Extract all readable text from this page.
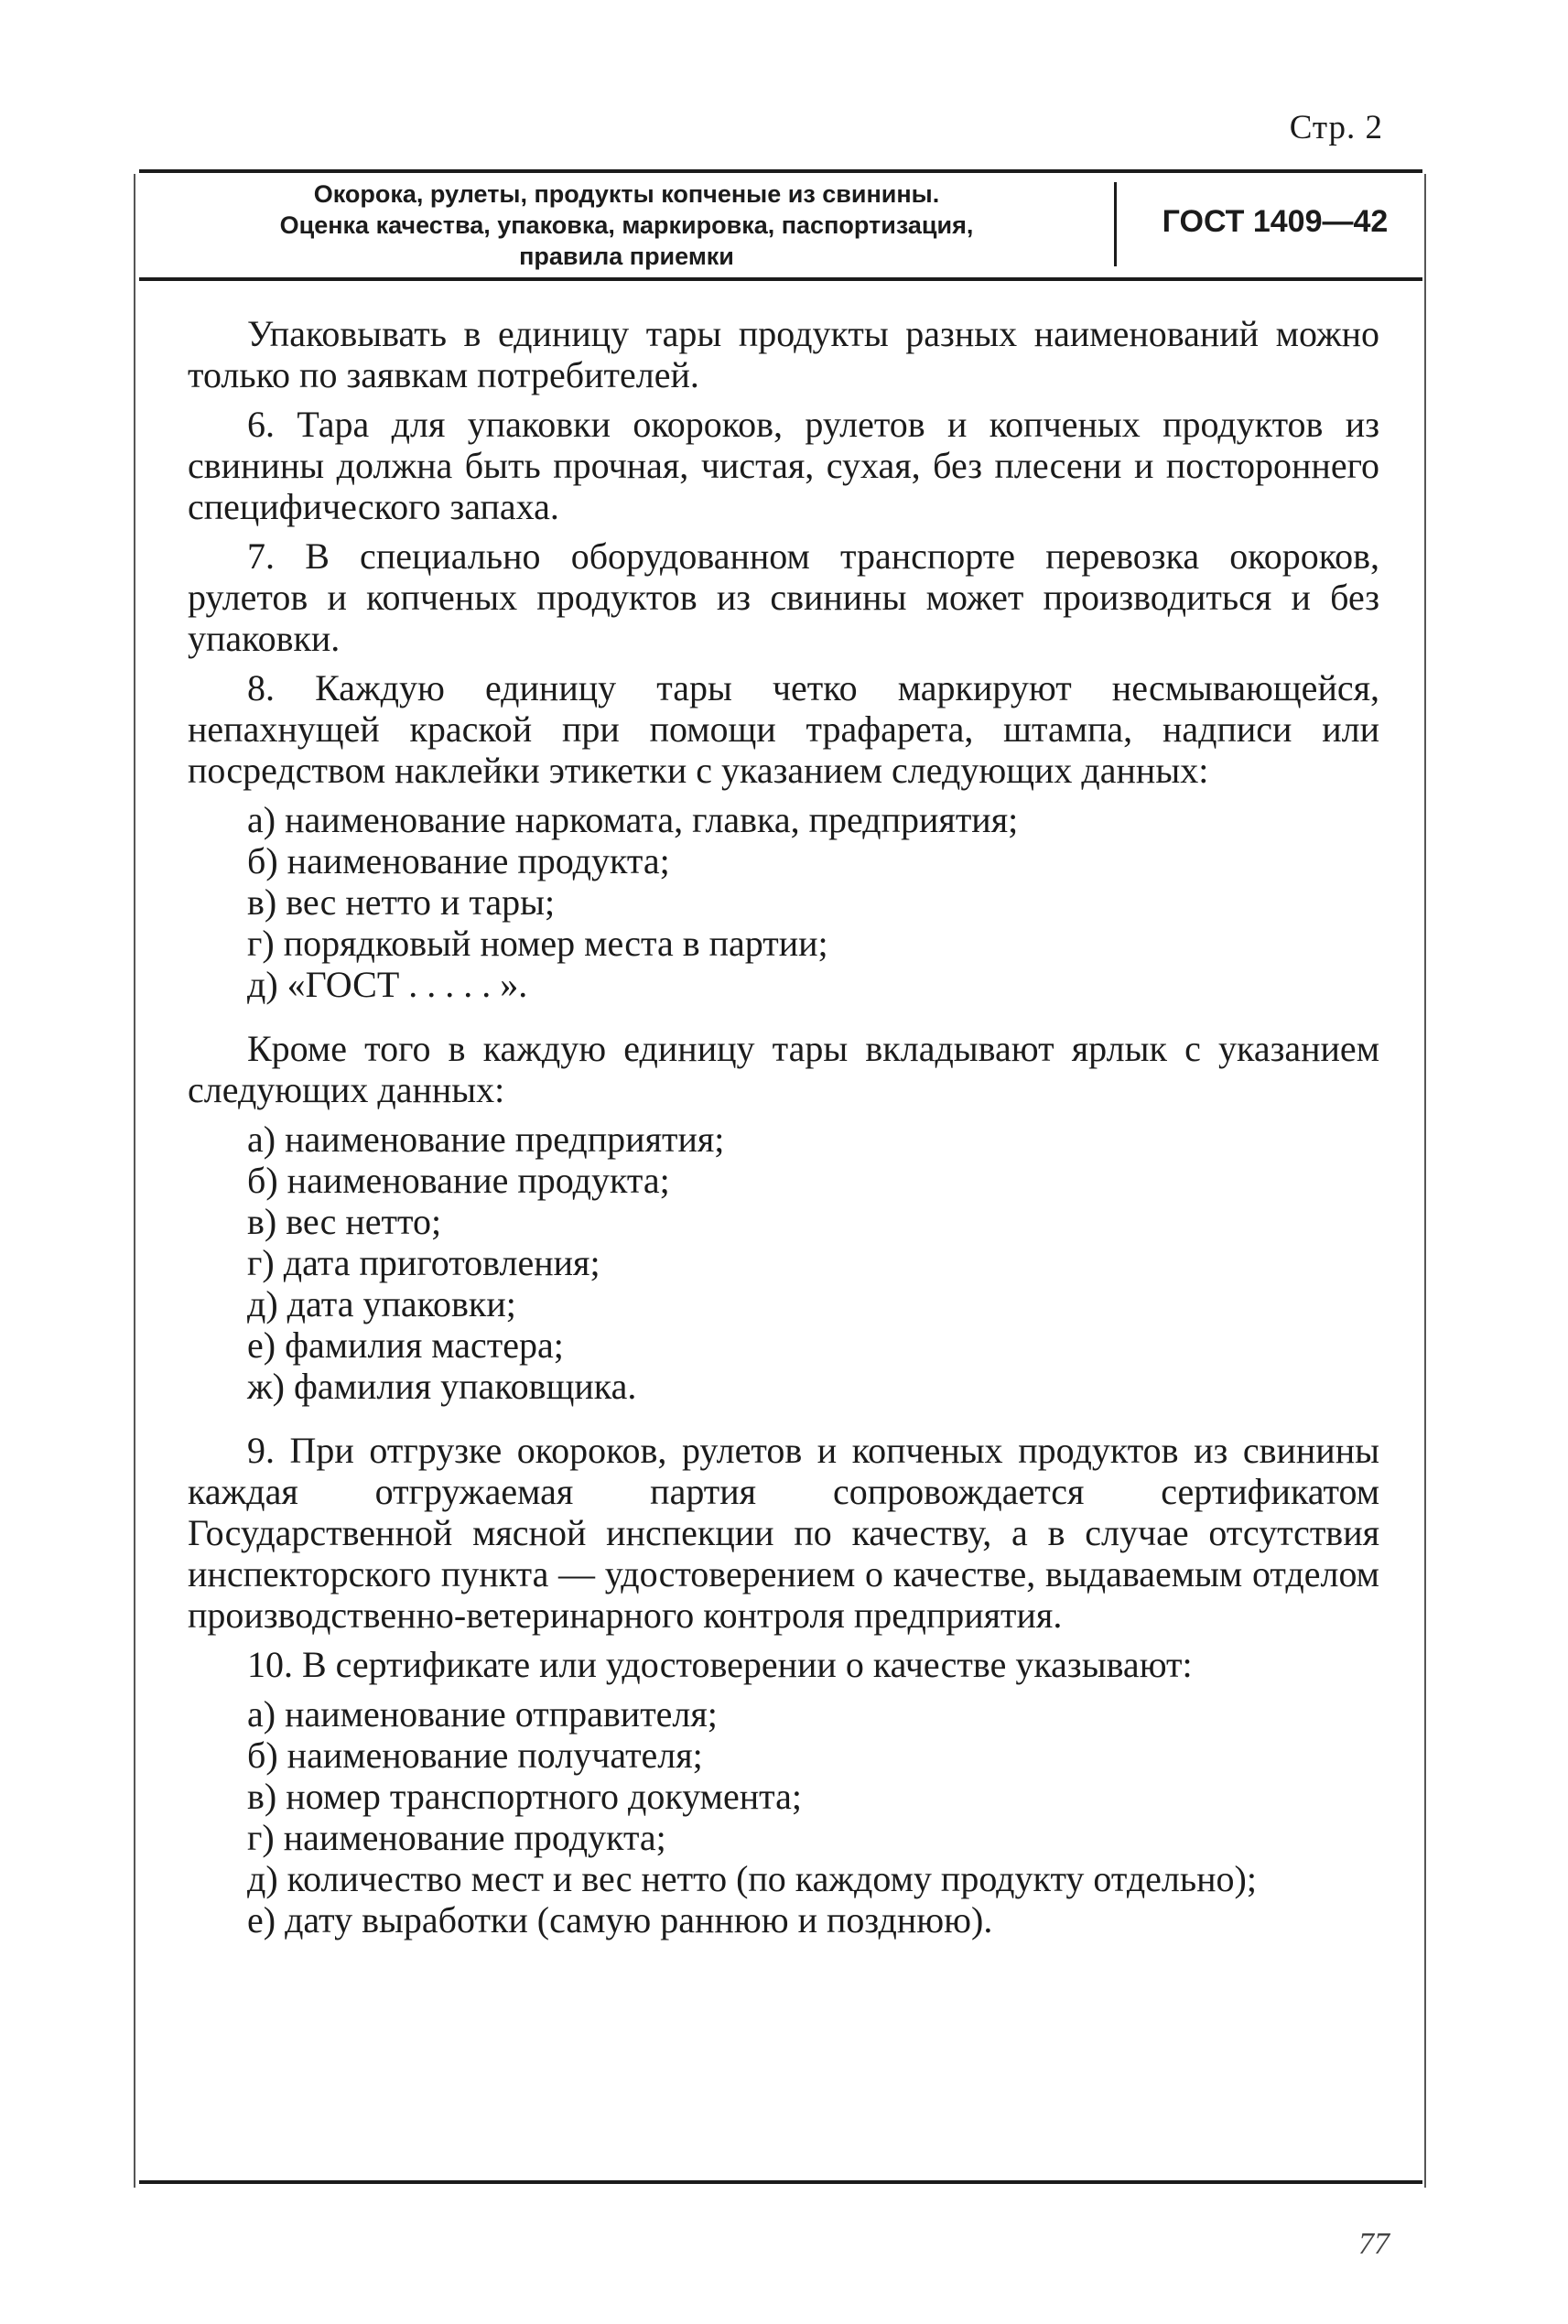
Стр. 2
Окорока, рулеты, продукты копченые из свинины.
Оценка качества, упаковка, маркировка, паспортизация,
правила приемки
ГОСТ 1409—42

Упаковывать в единицу тары продукты разных наименований можно только по заявкам потребителей.

6. Тара для упаковки окороков, рулетов и копченых продуктов из свинины должна быть прочная, чистая, сухая, без плесени и постороннего специфического запаха.

7. В специально оборудованном транспорте перевозка окороков, рулетов и копченых продуктов из свинины может производиться и без упаковки.

8. Каждую единицу тары четко маркируют несмывающейся, непахнущей краской при помощи трафарета, штампа, надписи или посредством наклейки этикетки с указанием следующих данных:

а) наименование наркомата, главка, предприятия;
б) наименование продукта;
в) вес нетто и тары;
г) порядковый номер места в партии;
д) «ГОСТ . . . . . ».

Кроме того в каждую единицу тары вкладывают ярлык с указанием следующих данных:

а) наименование предприятия;
б) наименование продукта;
в) вес нетто;
г) дата приготовления;
д) дата упаковки;
е) фамилия мастера;
ж) фамилия упаковщика.

9. При отгрузке окороков, рулетов и копченых продуктов из свинины каждая отгружаемая партия сопровождается сертификатом Государственной мясной инспекции по качеству, а в случае отсутствия инспекторского пункта — удостоверением о качестве, выдаваемым отделом производственно-ветеринарного контроля предприятия.

10. В сертификате или удостоверении о качестве указывают:

а) наименование отправителя;
б) наименование получателя;
в) номер транспортного документа;
г) наименование продукта;
д) количество мест и вес нетто (по каждому продукту отдельно);
е) дату выработки (самую раннюю и позднюю).
77
